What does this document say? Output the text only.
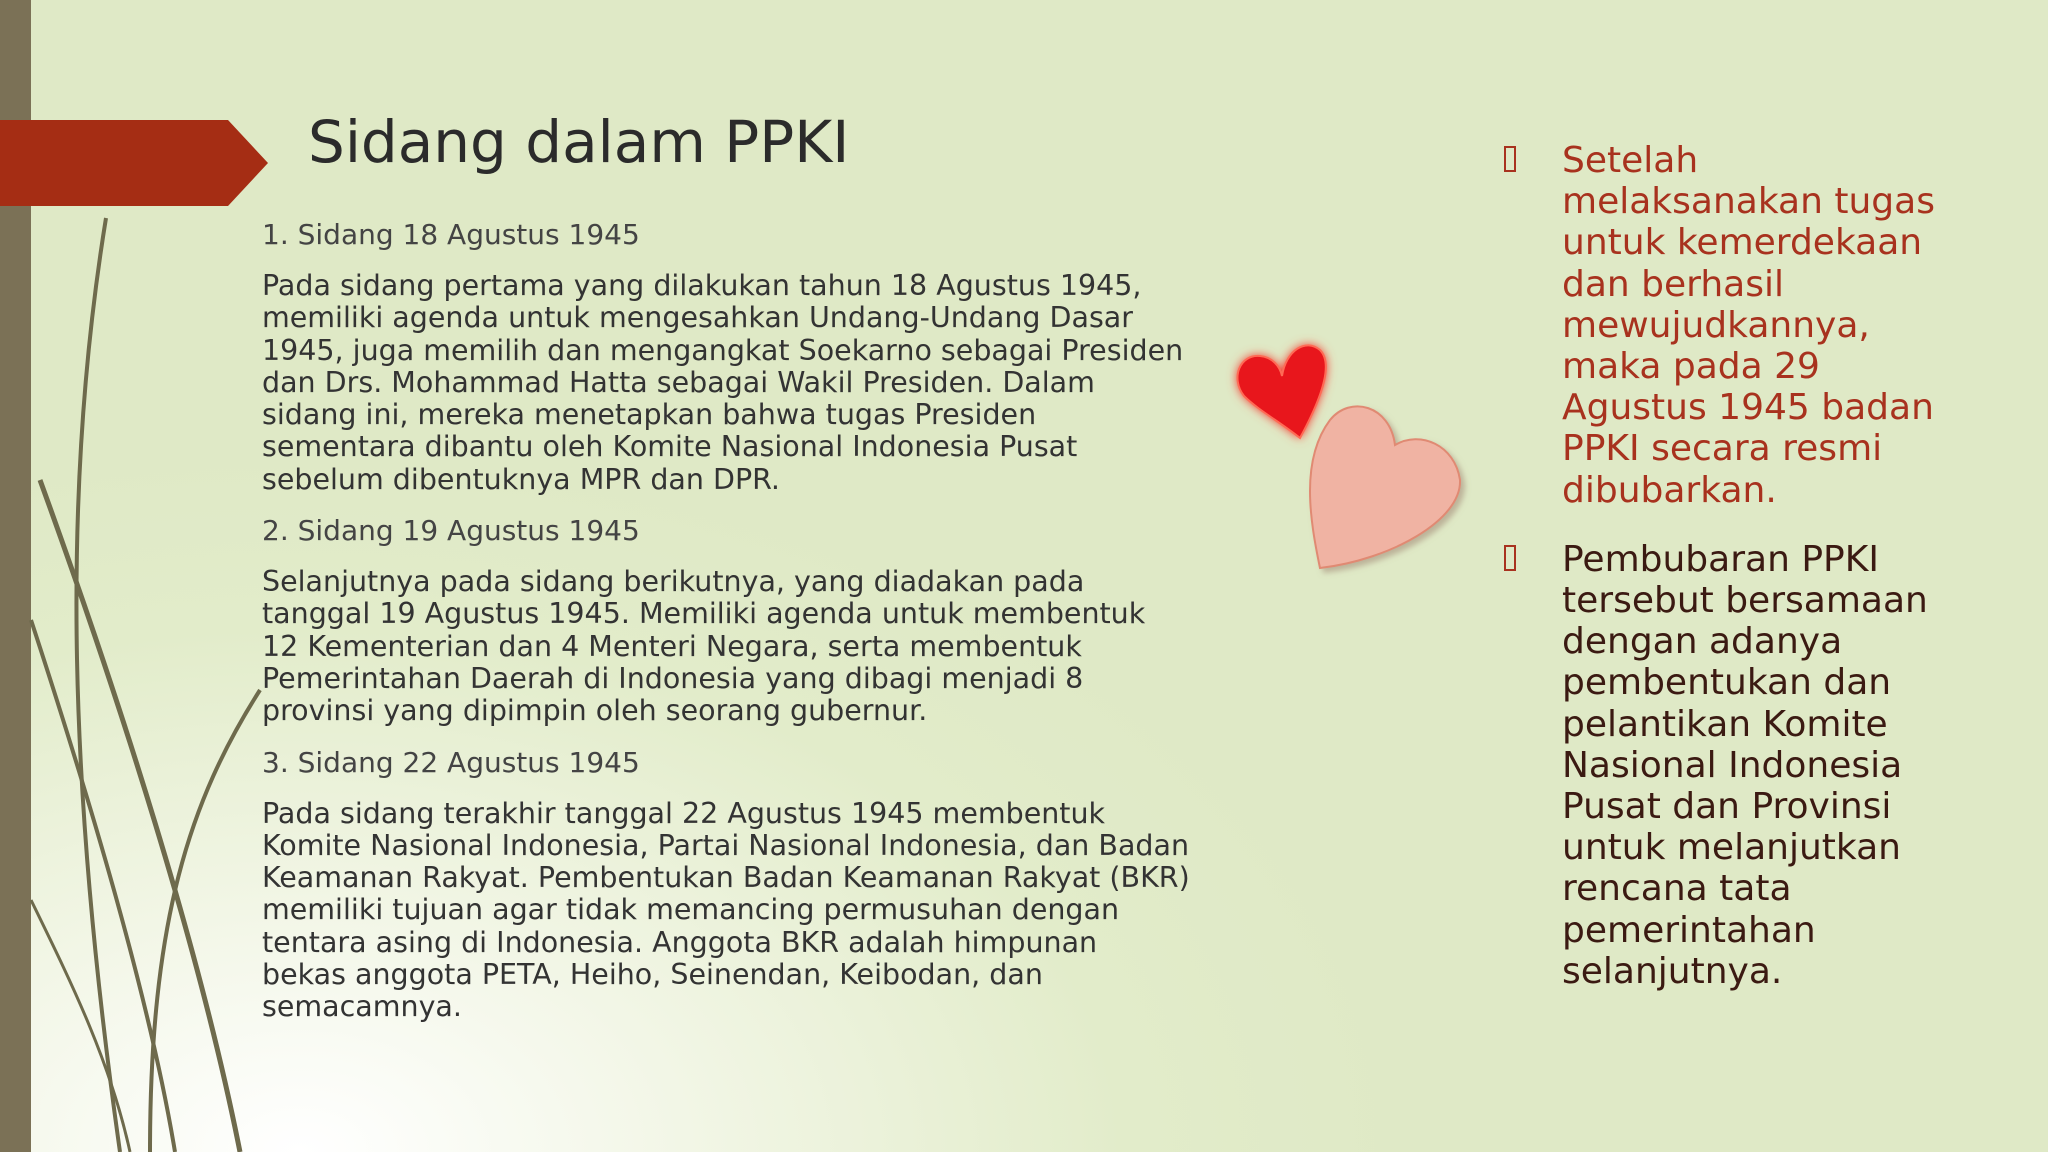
Sidang dalam PPKI
1. Sidang 18 Agustus 1945
Pada sidang pertama yang dilakukan tahun 18 Agustus 1945, memiliki agenda untuk mengesahkan Undang-Undang Dasar 1945, juga memilih dan mengangkat Soekarno sebagai Presiden dan Drs. Mohammad Hatta sebagai Wakil Presiden. Dalam sidang ini, mereka menetapkan bahwa tugas Presiden sementara dibantu oleh Komite Nasional Indonesia Pusat sebelum dibentuknya MPR dan DPR.
2. Sidang 19 Agustus 1945
Selanjutnya pada sidang berikutnya, yang diadakan pada tanggal 19 Agustus 1945. Memiliki agenda untuk membentuk 12 Kementerian dan 4 Menteri Negara, serta membentuk Pemerintahan Daerah di Indonesia yang dibagi menjadi 8 provinsi yang dipimpin oleh seorang gubernur.
3. Sidang 22 Agustus 1945
Pada sidang terakhir tanggal 22 Agustus 1945 membentuk Komite Nasional Indonesia, Partai Nasional Indonesia, dan Badan Keamanan Rakyat. Pembentukan Badan Keamanan Rakyat (BKR) memiliki tujuan agar tidak memancing permusuhan dengan tentara asing di Indonesia. Anggota BKR adalah himpunan bekas anggota PETA, Heiho, Seinendan, Keibodan, dan semacamnya.
Setelah melaksanakan tugas untuk kemerdekaan dan berhasil mewujudkannya, maka pada 29 Agustus 1945 badan PPKI secara resmi dibubarkan.
Pembubaran PPKI tersebut bersamaan dengan adanya pembentukan dan pelantikan Komite Nasional Indonesia Pusat dan Provinsi untuk melanjutkan rencana tata pemerintahan selanjutnya.
